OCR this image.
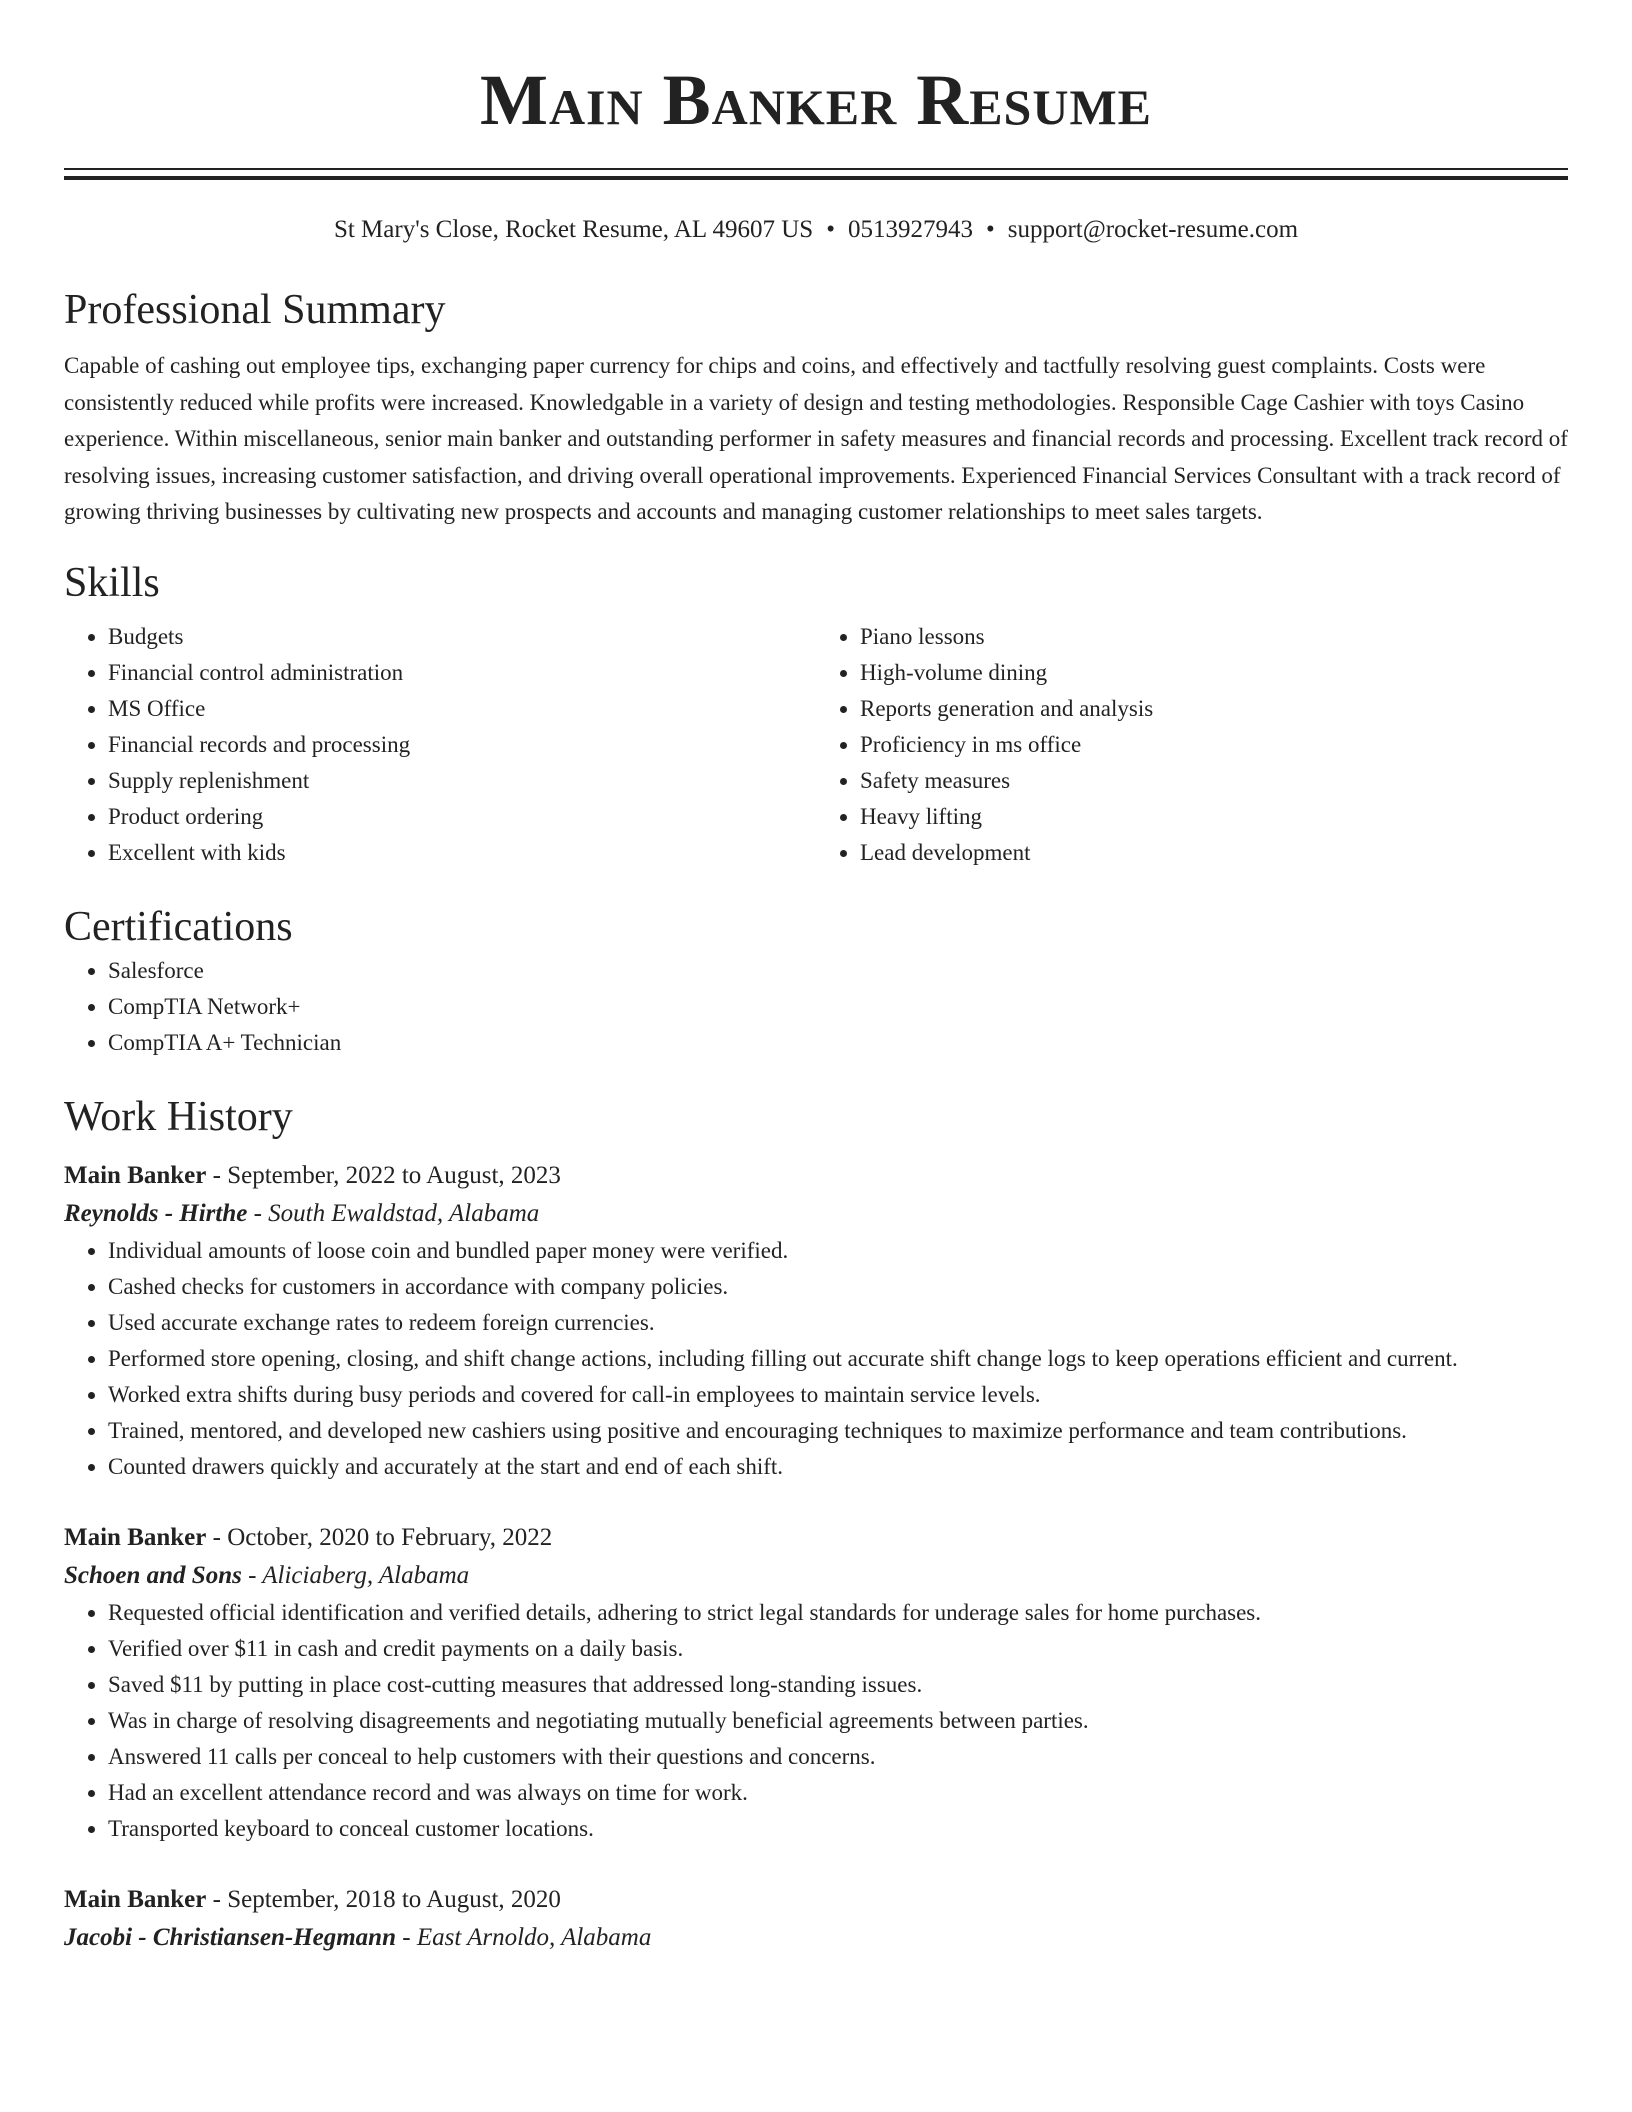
Main Banker Resume
St Mary's Close, Rocket Resume, AL 49607 US • 0513927943 • support@rocket-resume.com
Professional Summary

Capable of cashing out employee tips, exchanging paper currency for chips and coins, and effectively and tactfully resolving guest complaints. Costs were consistently reduced while profits were increased. Knowledgable in a variety of design and testing methodologies. Responsible Cage Cashier with toys Casino experience. Within miscellaneous, senior main banker and outstanding performer in safety measures and financial records and processing. Excellent track record of resolving issues, increasing customer satisfaction, and driving overall operational improvements. Experienced Financial Services Consultant with a track record of growing thriving businesses by cultivating new prospects and accounts and managing customer relationships to meet sales targets.

Skills
• Budgets
• Financial control administration
• MS Office
• Financial records and processing
• Supply replenishment
• Product ordering
• Excellent with kids
• Piano lessons
• High-volume dining
• Reports generation and analysis
• Proficiency in ms office
• Safety measures
• Heavy lifting
• Lead development
Certifications
• Salesforce
• CompTIA Network+
• CompTIA A+ Technician
Work History
Main Banker - September, 2022 to August, 2023
Reynolds - Hirthe - South Ewaldstad, Alabama
• Individual amounts of loose coin and bundled paper money were verified.
• Cashed checks for customers in accordance with company policies.
• Used accurate exchange rates to redeem foreign currencies.
• Performed store opening, closing, and shift change actions, including filling out accurate shift change logs to keep operations efficient and current.
• Worked extra shifts during busy periods and covered for call-in employees to maintain service levels.
• Trained, mentored, and developed new cashiers using positive and encouraging techniques to maximize performance and team contributions.
• Counted drawers quickly and accurately at the start and end of each shift.
Main Banker - October, 2020 to February, 2022
Schoen and Sons - Aliciaberg, Alabama
• Requested official identification and verified details, adhering to strict legal standards for underage sales for home purchases.
• Verified over $11 in cash and credit payments on a daily basis.
• Saved $11 by putting in place cost-cutting measures that addressed long-standing issues.
• Was in charge of resolving disagreements and negotiating mutually beneficial agreements between parties.
• Answered 11 calls per conceal to help customers with their questions and concerns.
• Had an excellent attendance record and was always on time for work.
• Transported keyboard to conceal customer locations.
Main Banker - September, 2018 to August, 2020
Jacobi - Christiansen-Hegmann - East Arnoldo, Alabama
